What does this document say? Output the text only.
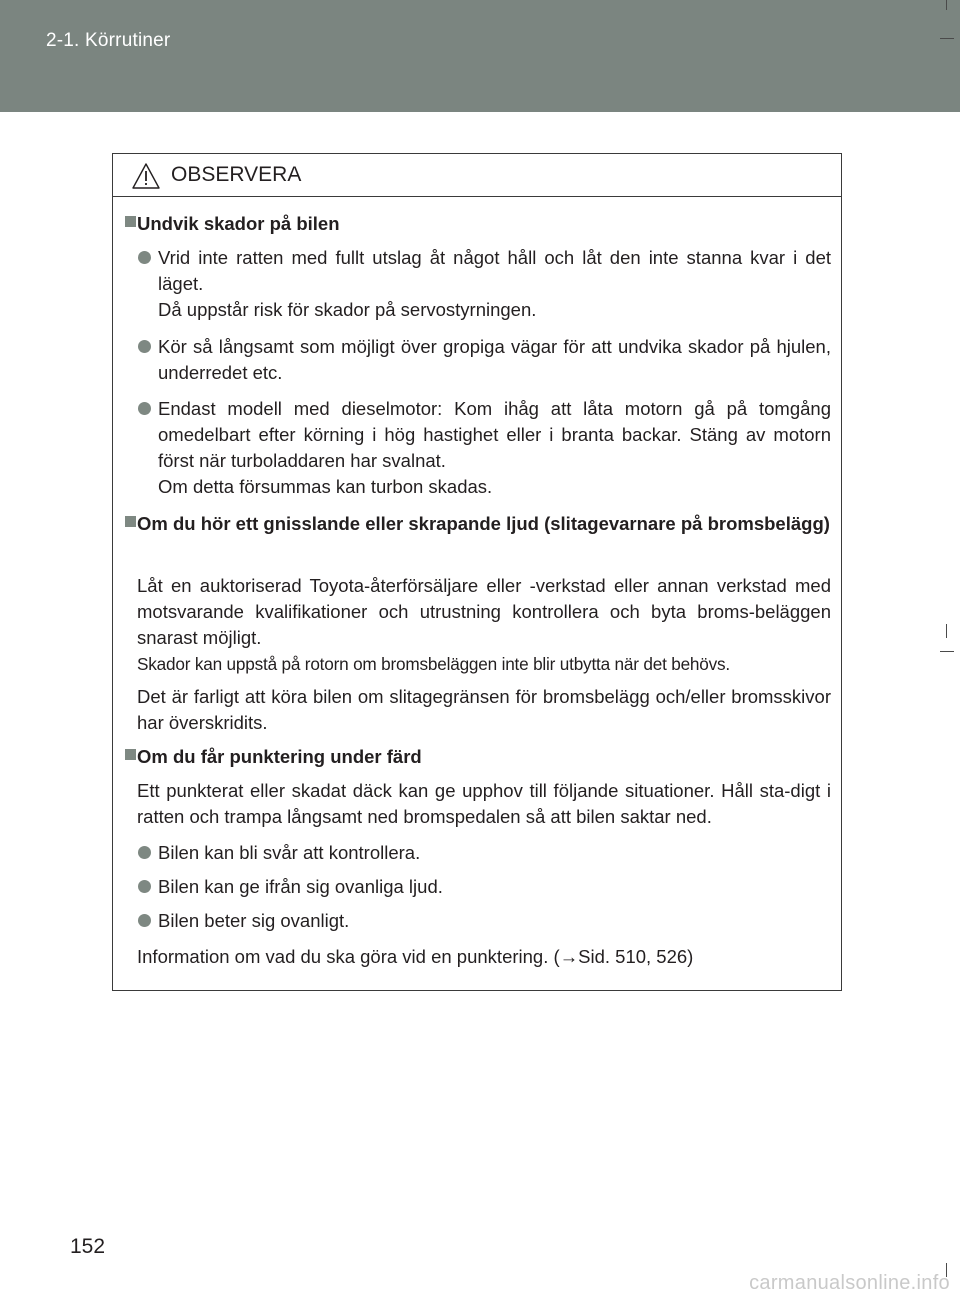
2-1. Körrutiner
OBSERVERA
Undvik skador på bilen
Vrid inte ratten med fullt utslag åt något håll och låt den inte stanna kvar i det läget.
Då uppstår risk för skador på servostyrningen.
Kör så långsamt som möjligt över gropiga vägar för att undvika skador på hjulen, underredet etc.
Endast modell med dieselmotor: Kom ihåg att låta motorn gå på tomgång omedelbart efter körning i hög hastighet eller i branta backar. Stäng av motorn först när turboladdaren har svalnat.
Om detta försummas kan turbon skadas.
Om du hör ett gnisslande eller skrapande ljud (slitagevarnare på bromsbelägg)
Låt en auktoriserad Toyota-återförsäljare eller -verkstad eller annan verkstad med motsvarande kvalifikationer och utrustning kontrollera och byta broms-beläggen snarast möjligt.
Skador kan uppstå på rotorn om bromsbeläggen inte blir utbytta när det behövs.
Det är farligt att köra bilen om slitagegränsen för bromsbelägg och/eller bromsskivor har överskridits.
Om du får punktering under färd
Ett punkterat eller skadat däck kan ge upphov till följande situationer. Håll sta-digt i ratten och trampa långsamt ned bromspedalen så att bilen saktar ned.
Bilen kan bli svår att kontrollera.
Bilen kan ge ifrån sig ovanliga ljud.
Bilen beter sig ovanligt.
Information om vad du ska göra vid en punktering. (→Sid. 510, 526)
152
carmanualsonline.info
